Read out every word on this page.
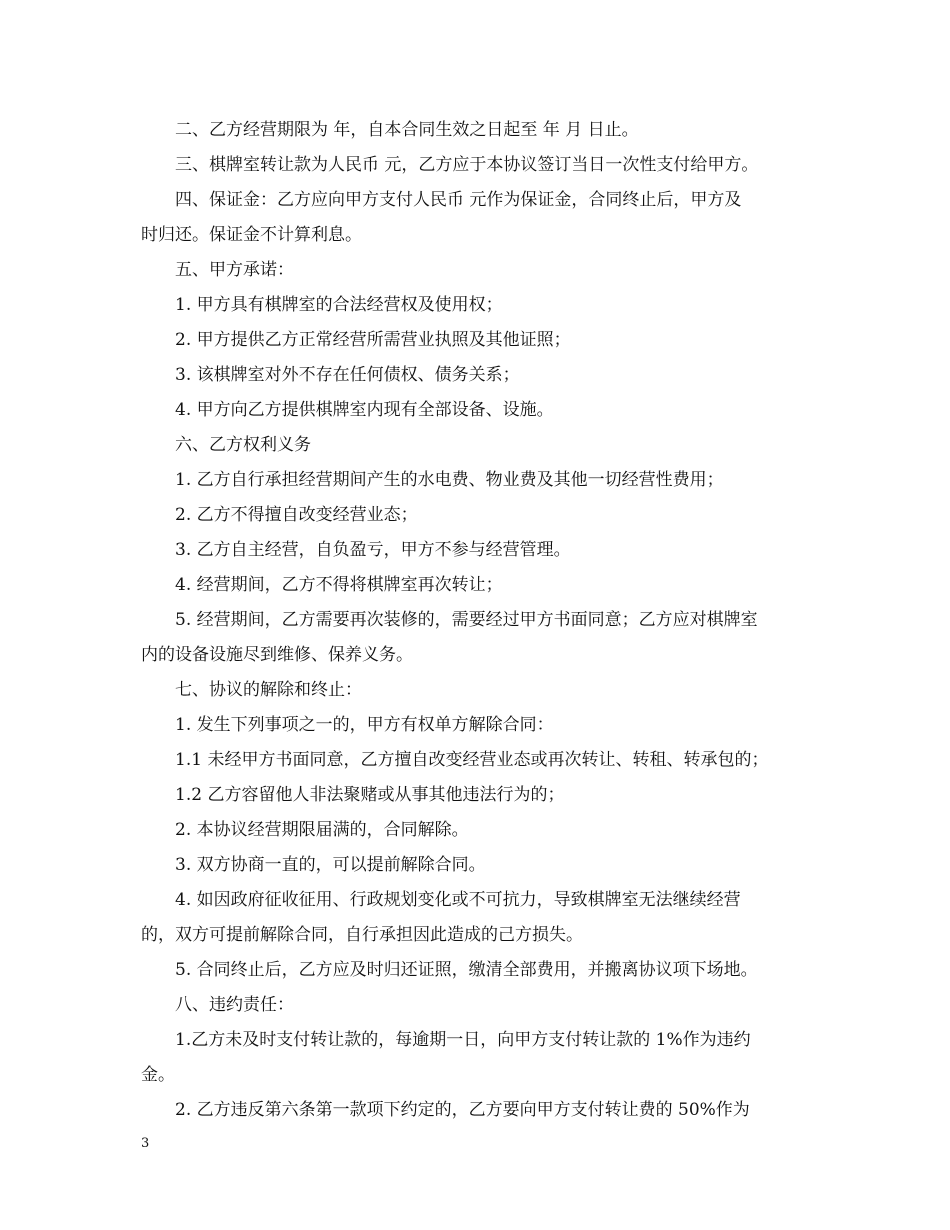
二、乙方经营期限为 年，自本合同生效之日起至 年 月 日止。
三、棋牌室转让款为人民币 元，乙方应于本协议签订当日一次性支付给甲方。
四、保证金：乙方应向甲方支付人民币 元作为保证金，合同终止后，甲方及
时归还。保证金不计算利息。
五、甲方承诺：
1. 甲方具有棋牌室的合法经营权及使用权；
2. 甲方提供乙方正常经营所需营业执照及其他证照；
3. 该棋牌室对外不存在任何债权、债务关系；
4. 甲方向乙方提供棋牌室内现有全部设备、设施。
六、乙方权利义务
1. 乙方自行承担经营期间产生的水电费、物业费及其他一切经营性费用；
2. 乙方不得擅自改变经营业态；
3. 乙方自主经营，自负盈亏，甲方不参与经营管理。
4. 经营期间，乙方不得将棋牌室再次转让；
5. 经营期间，乙方需要再次装修的，需要经过甲方书面同意；乙方应对棋牌室
内的设备设施尽到维修、保养义务。
七、协议的解除和终止：
1. 发生下列事项之一的，甲方有权单方解除合同：
1.1 未经甲方书面同意，乙方擅自改变经营业态或再次转让、转租、转承包的；
1.2 乙方容留他人非法聚赌或从事其他违法行为的；
2. 本协议经营期限届满的，合同解除。
3. 双方协商一直的，可以提前解除合同。
4. 如因政府征收征用、行政规划变化或不可抗力，导致棋牌室无法继续经营
的，双方可提前解除合同，自行承担因此造成的己方损失。
5. 合同终止后，乙方应及时归还证照，缴清全部费用，并搬离协议项下场地。
八、违约责任：
1.乙方未及时支付转让款的，每逾期一日，向甲方支付转让款的 1%作为违约
金。
2. 乙方违反第六条第一款项下约定的，乙方要向甲方支付转让费的 50%作为
3
